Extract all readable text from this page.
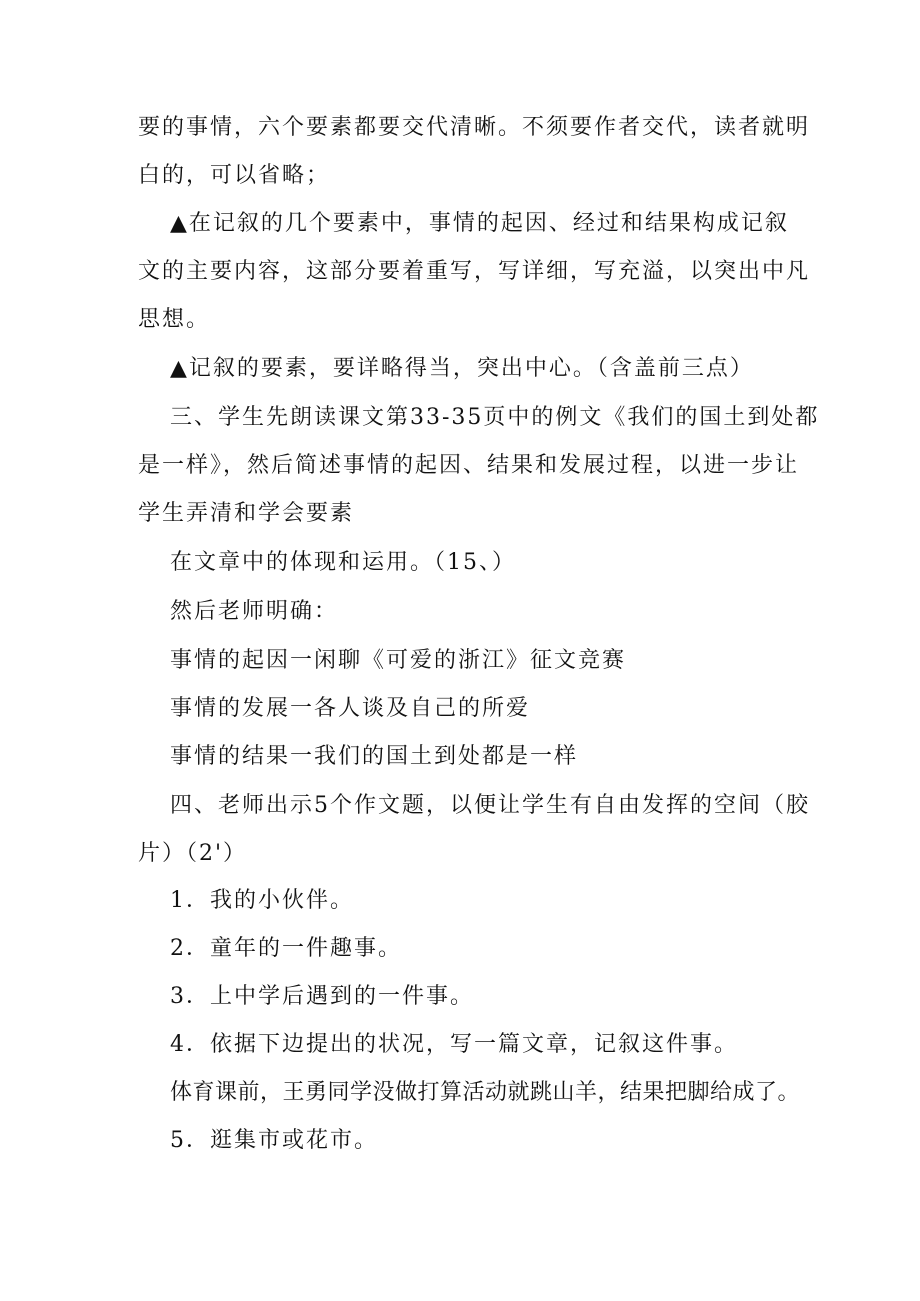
要的事情，六个要素都要交代清晰。不须要作者交代，读者就明
白的，可以省略；
▲在记叙的几个要素中，事情的起因、经过和结果构成记叙
文的主要内容，这部分要着重写，写详细，写充溢，以突出中凡
思想。
▲记叙的要素，要详略得当，突出中心。（含盖前三点）
三、学生先朗读课文第33-35页中的例文《我们的国土到处都
是一样》，然后简述事情的起因、结果和发展过程，以进一步让
学生弄清和学会要素
在文章中的体现和运用。（15、）
然后老师明确：
事情的起因一闲聊《可爱的浙江》征文竞赛
事情的发展一各人谈及自己的所爱
事情的结果一我们的国土到处都是一样
四、老师出示5个作文题，以便让学生有自由发挥的空间（胶
片）（2'）
1．我的小伙伴。
2．童年的一件趣事。
3．上中学后遇到的一件事。
4．依据下边提出的状况，写一篇文章，记叙这件事。
体育课前，王勇同学没做打算活动就跳山羊，结果把脚给成了。
5．逛集市或花市。
